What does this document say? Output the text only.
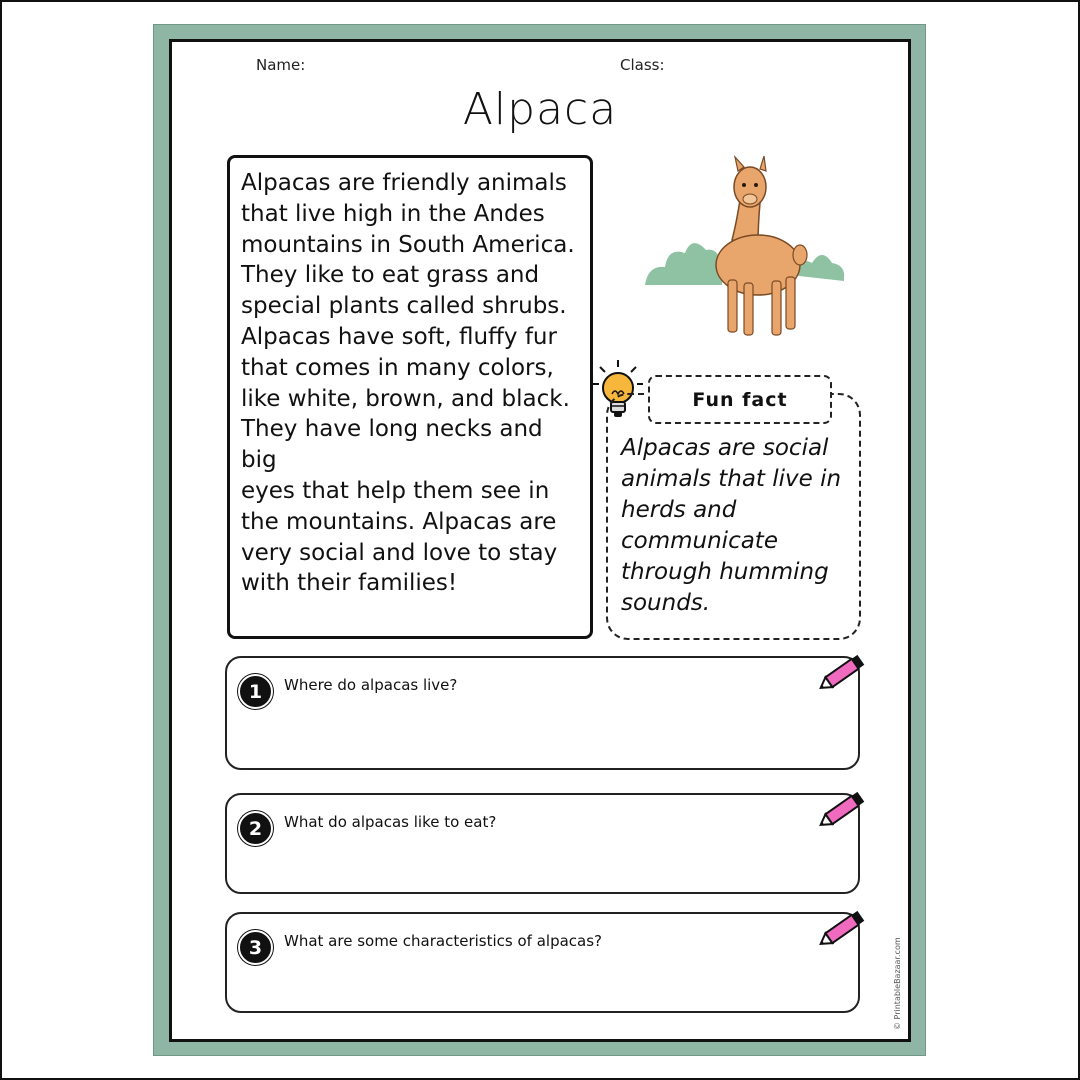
Name:	Class:
Alpaca
Alpacas are friendly animals
that live high in the Andes
mountains in South America.
They like to eat grass and
special plants called shrubs.
Alpacas have soft, fluffy fur
that comes in many colors,
like white, brown, and black.
They have long necks and big
eyes that help them see in
the mountains. Alpacas are
very social and love to stay
with their families!
Fun fact
Alpacas are social
animals that live in
herds and
communicate
through humming
sounds.
1	Where do alpacas live?
2	What do alpacas like to eat?
3	What are some characteristics of alpacas?	© PrintableBazaar.com
